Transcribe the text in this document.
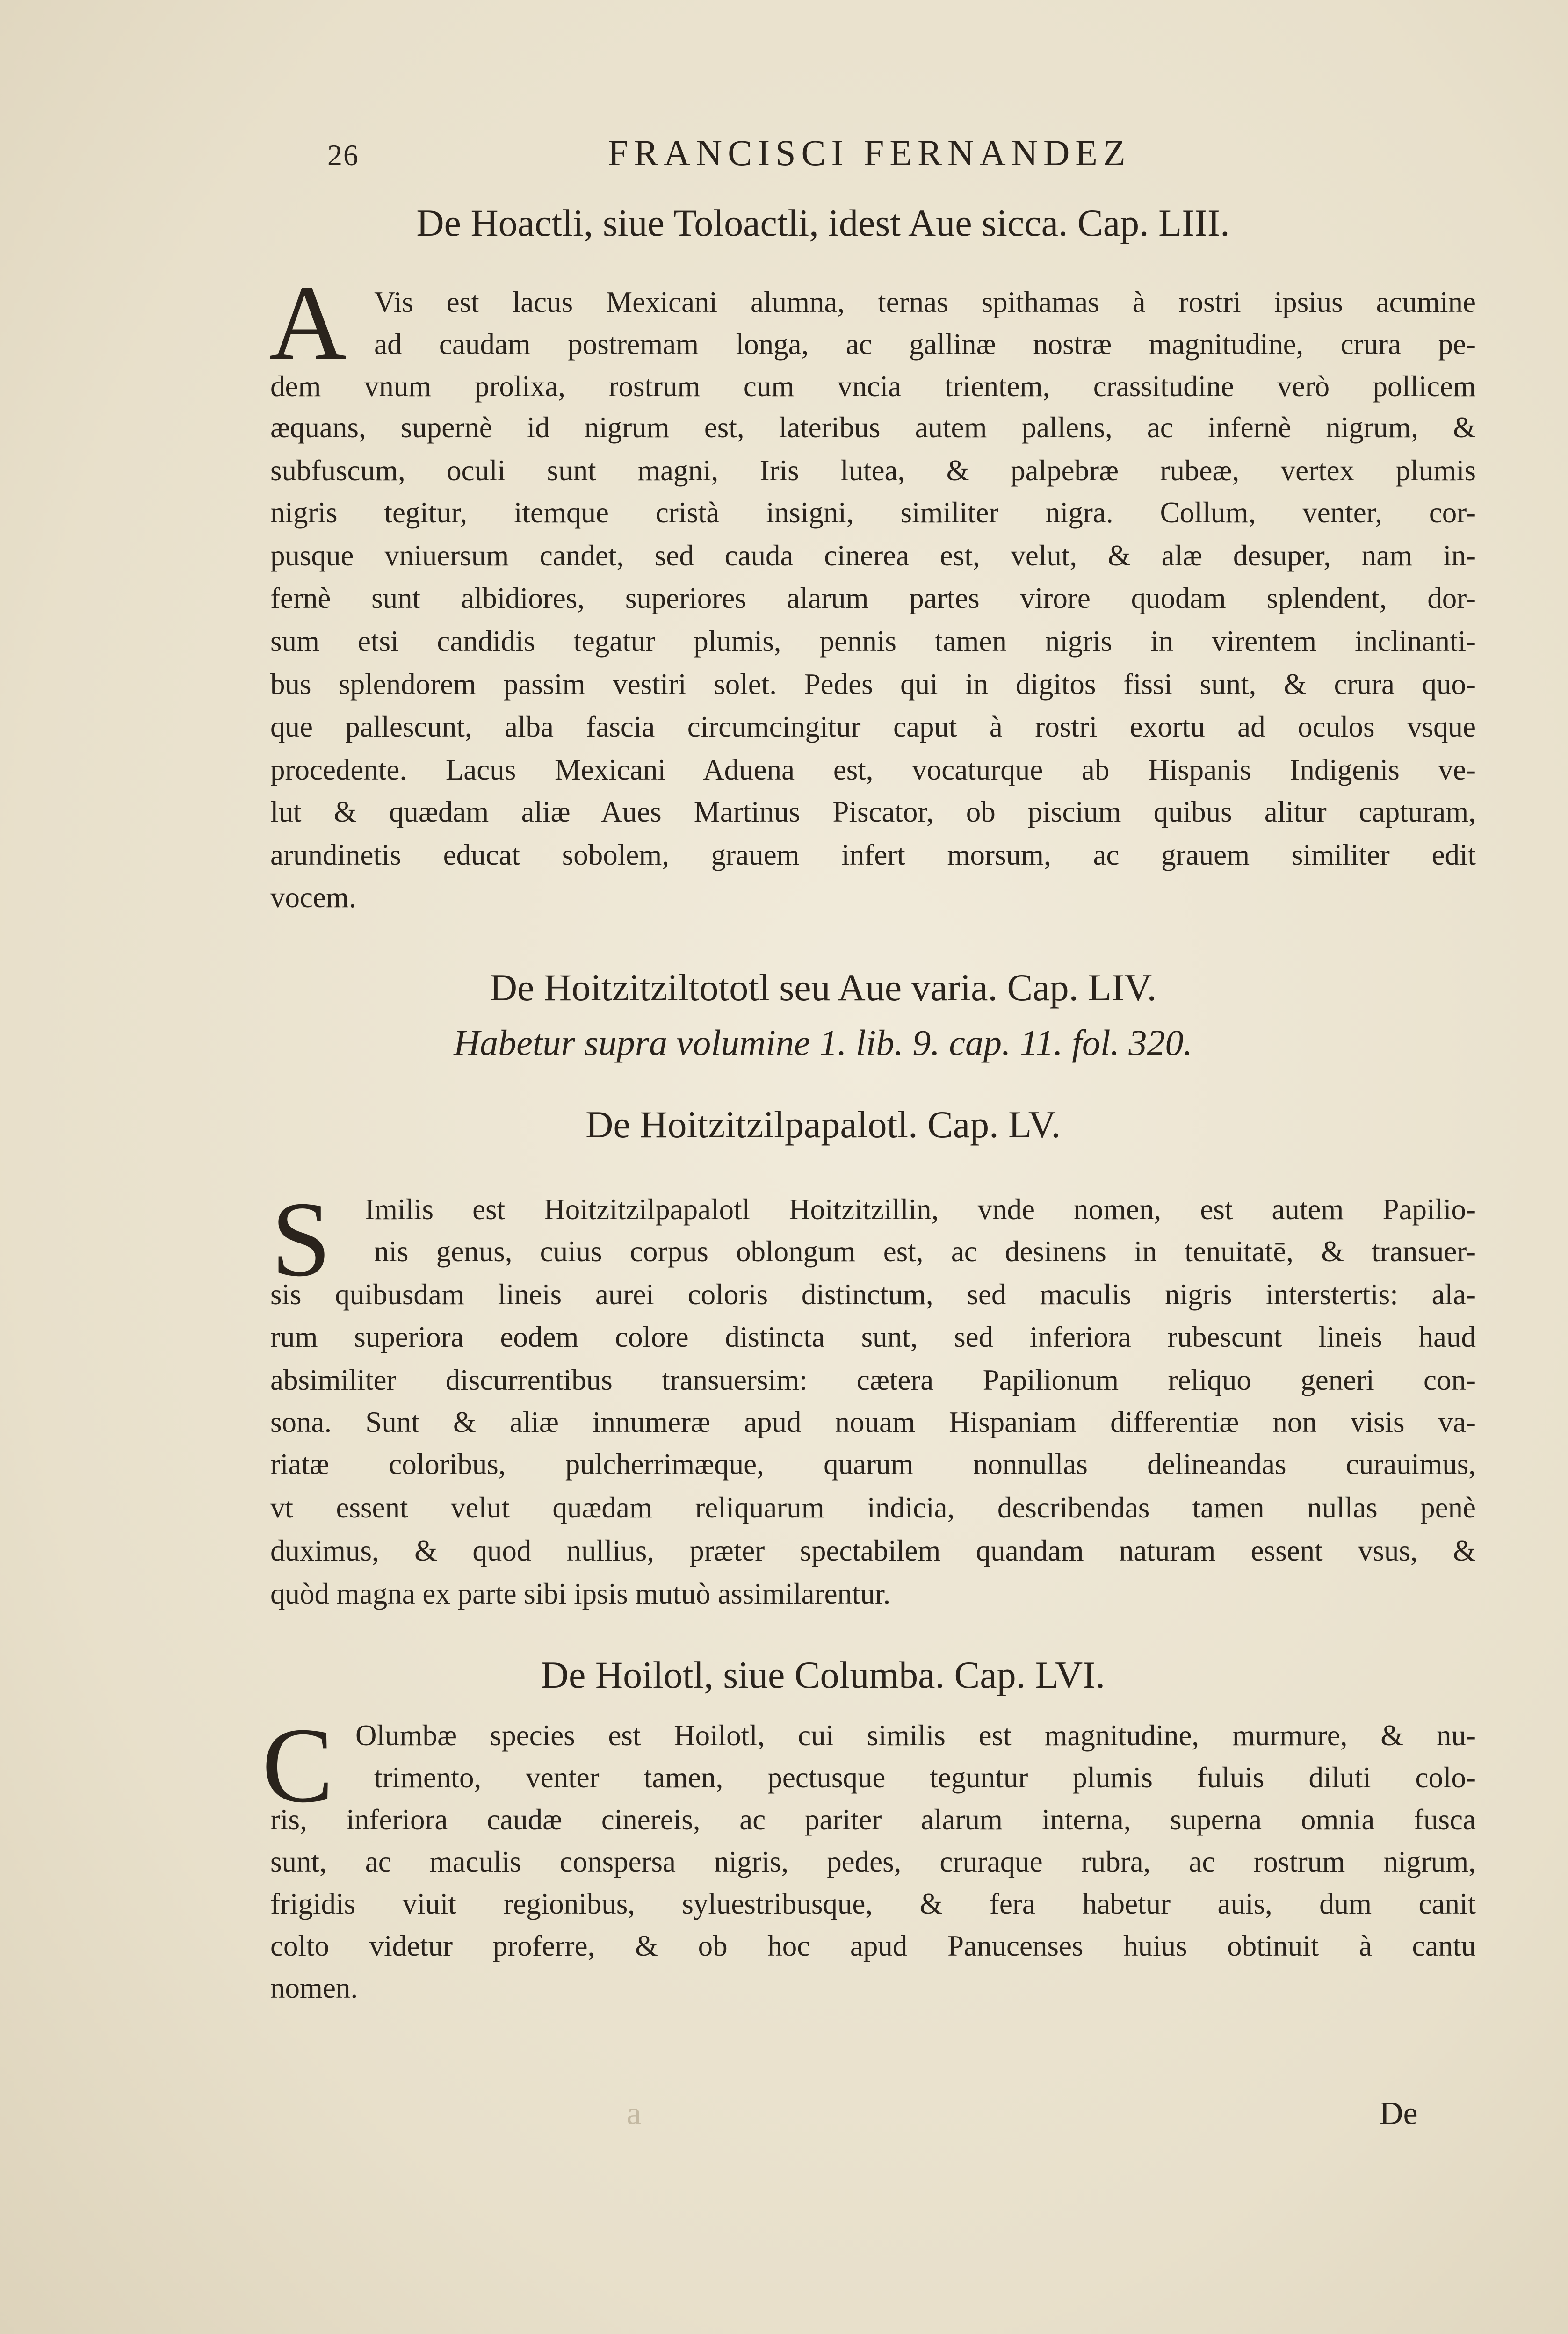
26	FRANCISCI FERNANDEZ
De Hoactli, siue Toloactli, idest Aue sicca. Cap. LIII.
A Vis est lacus Mexicani alumna, ternas spithamas à rostri ipsius acumine
ad caudam postremam longa, ac gallinæ nostræ magnitudine, crura pe-
dem vnum prolixa, rostrum cum vncia trientem, crassitudine verò pollicem
æquans, supernè id nigrum est, lateribus autem pallens, ac infernè nigrum, &
subfuscum, oculi sunt magni, Iris lutea, & palpebræ rubeæ, vertex plumis
nigris tegitur, itemque cristà insigni, similiter nigra. Collum, venter, cor-
pusque vniuersum candet, sed cauda cinerea est, velut, & alæ desuper, nam in-
fernè sunt albidiores, superiores alarum partes virore quodam splendent, dor-
sum etsi candidis tegatur plumis, pennis tamen nigris in virentem inclinanti-
bus splendorem passim vestiri solet. Pedes qui in digitos fissi sunt, & crura quo-
que pallescunt, alba fascia circumcingitur caput à rostri exortu ad oculos vsque
procedente. Lacus Mexicani Aduena est, vocaturque ab Hispanis Indigenis ve-
lut & quædam aliæ Aues Martinus Piscator, ob piscium quibus alitur capturam,
arundinetis educat sobolem, grauem infert morsum, ac grauem similiter edit
vocem.
De Hoitzitziltototl seu Aue varia. Cap. LIV.
Habetur supra volumine 1. lib. 9. cap. 11. fol. 320.
De Hoitzitzilpapalotl. Cap. LV.
S Imilis est Hoitzitzilpapalotl Hoitzitzillin, vnde nomen, est autem Papilio-
nis genus, cuius corpus oblongum est, ac desinens in tenuitatē, & transuer-
sis quibusdam lineis aurei coloris distinctum, sed maculis nigris interstertis: ala-
rum superiora eodem colore distincta sunt, sed inferiora rubescunt lineis haud
absimiliter discurrentibus transuersim: cætera Papilionum reliquo generi con-
sona. Sunt & aliæ innumeræ apud nouam Hispaniam differentiæ non visis va-
riatæ coloribus, pulcherrimæque, quarum nonnullas delineandas curauimus,
vt essent velut quædam reliquarum indicia, describendas tamen nullas penè
duximus, & quod nullius, præter spectabilem quandam naturam essent vsus, &
quòd magna ex parte sibi ipsis mutuò assimilarentur.
De Hoilotl, siue Columba. Cap. LVI.
C Olumbæ species est Hoilotl, cui similis est magnitudine, murmure, & nu-
trimento, venter tamen, pectusque teguntur plumis fuluis diluti colo-
ris, inferiora caudæ cinereis, ac pariter alarum interna, superna omnia fusca
sunt, ac maculis conspersa nigris, pedes, cruraque rubra, ac rostrum nigrum,
frigidis viuit regionibus, syluestribusque, & fera habetur auis, dum canit
colto videtur proferre, & ob hoc apud Panucenses huius obtinuit à cantu
nomen.
a	De
